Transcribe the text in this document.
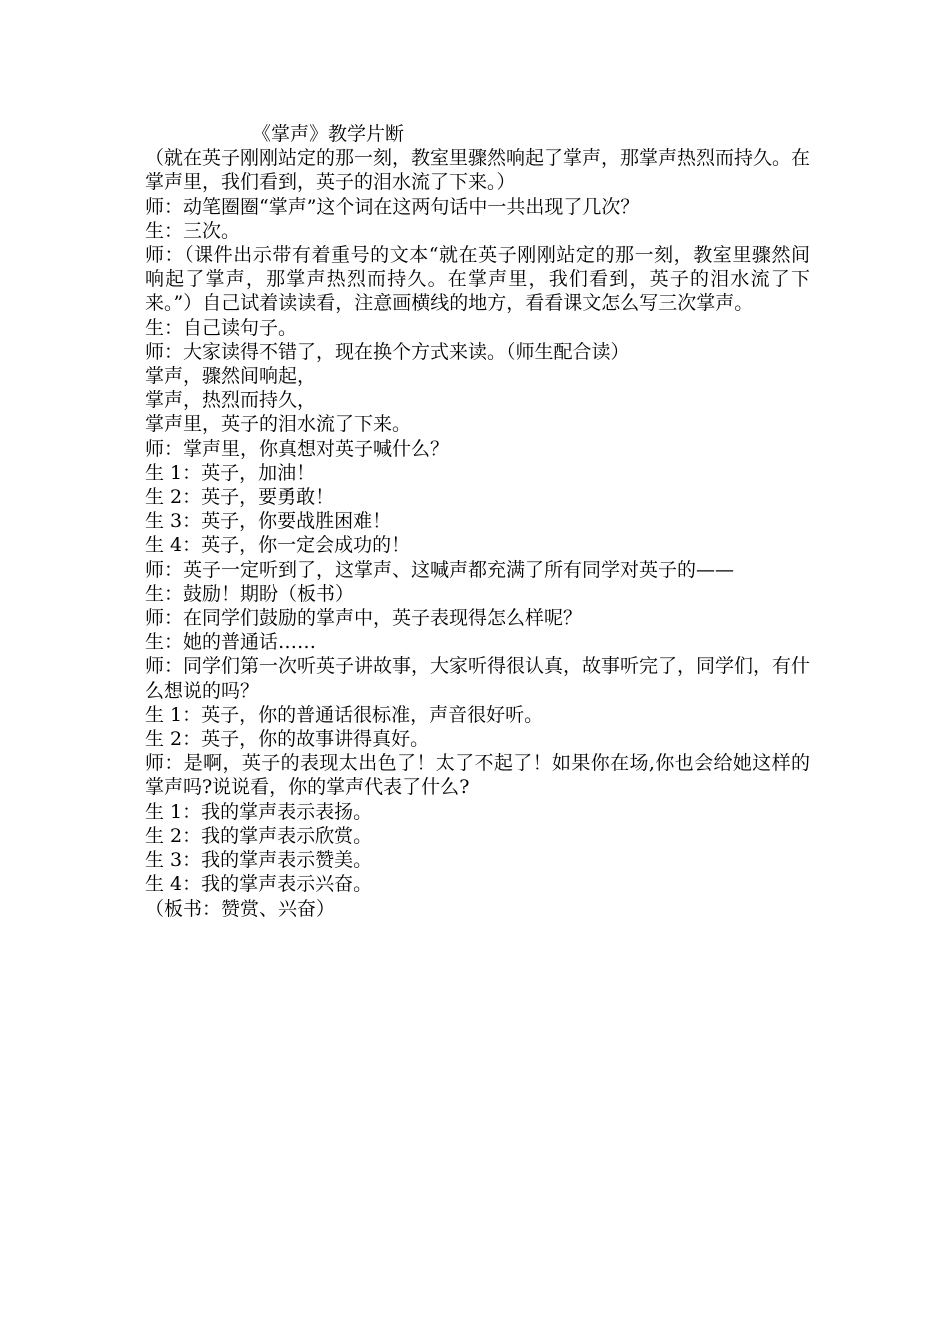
《掌声》教学片断
（就在英子刚刚站定的那一刻，教室里骤然响起了掌声，那掌声热烈而持久。在掌声里，我们看到，英子的泪水流了下来。）
师：动笔圈圈“掌声”这个词在这两句话中一共出现了几次？
生：三次。
师：（课件出示带有着重号的文本“就在英子刚刚站定的那一刻，教室里骤然间响起了掌声，那掌声热烈而持久。在掌声里，我们看到，英子的泪水流了下来。”）自己试着读读看，注意画横线的地方，看看课文怎么写三次掌声。
生：自己读句子。
师：大家读得不错了，现在换个方式来读。（师生配合读）
掌声，骤然间响起，
掌声，热烈而持久，
掌声里，英子的泪水流了下来。
师：掌声里，你真想对英子喊什么？
生 1：英子，加油！
生 2：英子，要勇敢！
生 3：英子，你要战胜困难！
生 4：英子，你一定会成功的！
师：英子一定听到了，这掌声、这喊声都充满了所有同学对英子的——
生：鼓励！期盼（板书）
师：在同学们鼓励的掌声中，英子表现得怎么样呢？
生：她的普通话……
师：同学们第一次听英子讲故事，大家听得很认真，故事听完了，同学们，有什么想说的吗？
生 1：英子，你的普通话很标准，声音很好听。
生 2：英子，你的故事讲得真好。
师：是啊，英子的表现太出色了！太了不起了！如果你在场,你也会给她这样的掌声吗?说说看，你的掌声代表了什么?
生 1：我的掌声表示表扬。
生 2：我的掌声表示欣赏。
生 3：我的掌声表示赞美。
生 4：我的掌声表示兴奋。
（板书：赞赏、兴奋）
